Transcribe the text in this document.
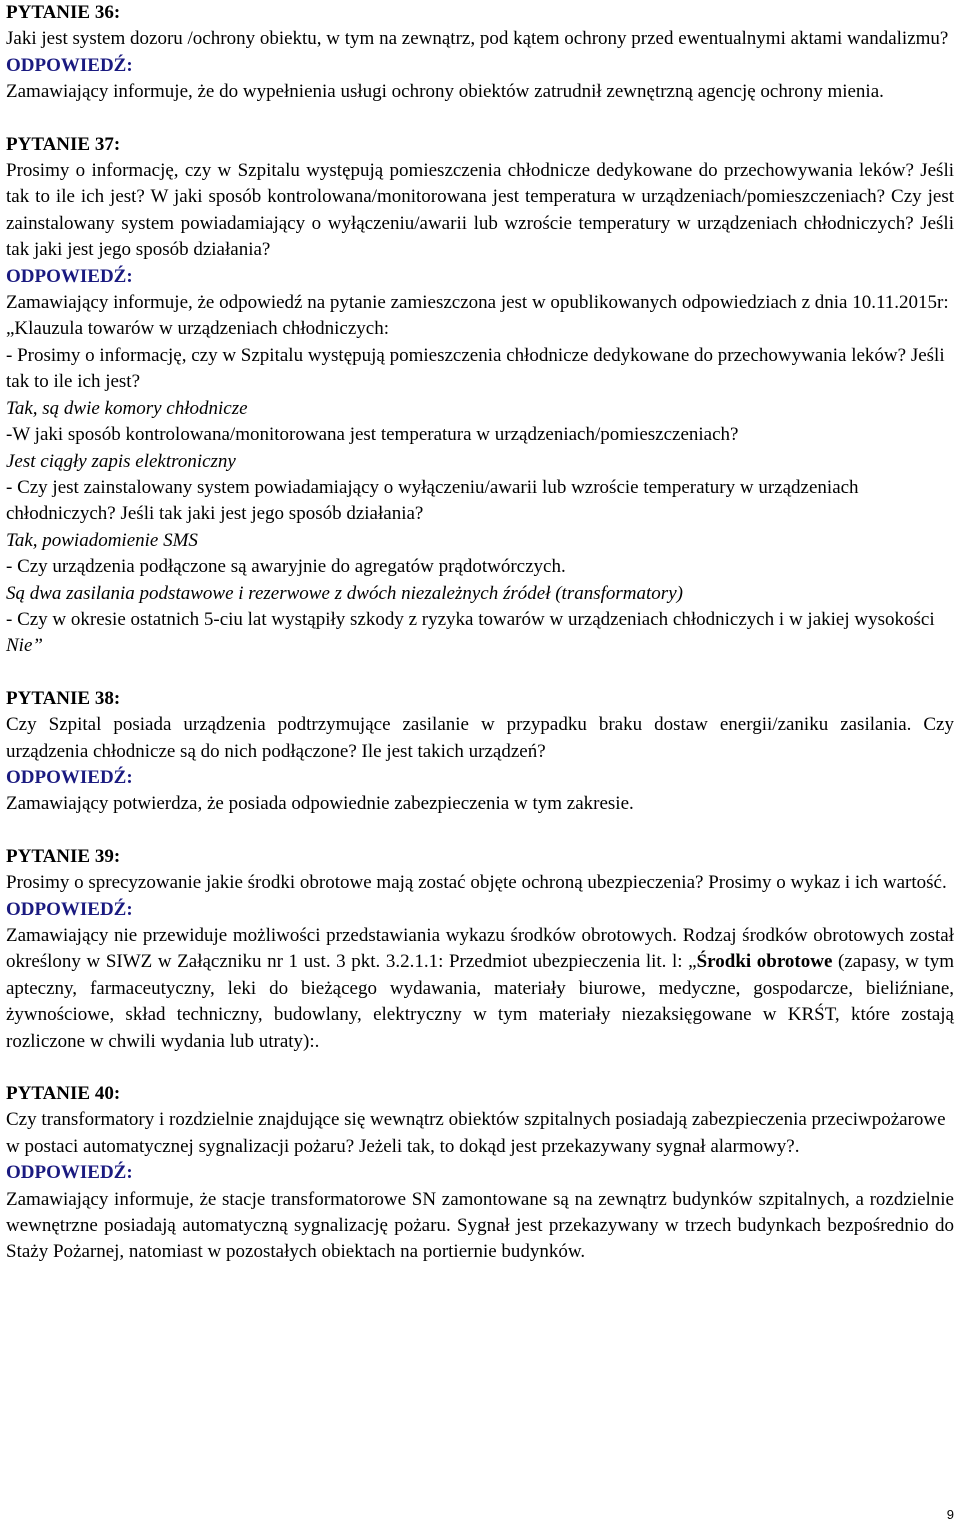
PYTANIE 36:

Jaki jest system dozoru /ochrony obiektu, w tym na zewnątrz, pod kątem ochrony przed ewentualnymi aktami wandalizmu?

ODPOWIEDŹ:

Zamawiający informuje, że do wypełnienia usługi ochrony obiektów zatrudnił zewnętrzną agencję ochrony mienia.

PYTANIE 37:

Prosimy o informację, czy w Szpitalu występują pomieszczenia chłodnicze dedykowane do przechowywania leków? Jeśli tak to ile ich jest? W jaki sposób kontrolowana/monitorowana jest temperatura w urządzeniach/pomieszczeniach? Czy jest zainstalowany system powiadamiający o wyłączeniu/awarii lub wzroście temperatury w urządzeniach chłodniczych? Jeśli tak jaki jest jego sposób działania?

ODPOWIEDŹ:

Zamawiający informuje, że odpowiedź na pytanie zamieszczona jest w opublikowanych odpowiedziach z dnia 10.11.2015r:

„Klauzula towarów w urządzeniach chłodniczych:

- Prosimy o informację, czy w Szpitalu występują pomieszczenia chłodnicze dedykowane do przechowywania leków? Jeśli tak to ile ich jest?

Tak, są dwie komory chłodnicze

-W jaki sposób kontrolowana/monitorowana jest temperatura w urządzeniach/pomieszczeniach?

Jest ciągły zapis elektroniczny

- Czy jest zainstalowany system powiadamiający o wyłączeniu/awarii lub wzroście temperatury w urządzeniach chłodniczych? Jeśli tak jaki jest jego sposób działania?

Tak, powiadomienie SMS

- Czy urządzenia podłączone są awaryjnie do agregatów prądotwórczych.

Są dwa zasilania podstawowe i rezerwowe z dwóch niezależnych źródeł (transformatory)

- Czy w okresie ostatnich 5-ciu lat wystąpiły szkody z ryzyka towarów w urządzeniach chłodniczych i w jakiej wysokości

Nie”

PYTANIE 38:

Czy Szpital posiada urządzenia podtrzymujące zasilanie w przypadku braku dostaw energii/zaniku zasilania. Czy urządzenia chłodnicze są do nich podłączone? Ile jest takich urządzeń?

ODPOWIEDŹ:

Zamawiający potwierdza, że posiada odpowiednie zabezpieczenia w tym zakresie.

PYTANIE 39:

Prosimy o sprecyzowanie jakie środki obrotowe mają zostać objęte ochroną ubezpieczenia? Prosimy o wykaz i ich wartość.

ODPOWIEDŹ:

Zamawiający nie przewiduje możliwości przedstawiania wykazu środków obrotowych. Rodzaj środków obrotowych został określony w SIWZ w Załączniku nr 1 ust. 3 pkt. 3.2.1.1: Przedmiot ubezpieczenia lit. l: „Środki obrotowe (zapasy, w tym apteczny, farmaceutyczny, leki do bieżącego wydawania, materiały biurowe, medyczne, gospodarcze, bieliźniane, żywnościowe, skład techniczny, budowlany, elektryczny w tym materiały niezaksięgowane w KRŚT, które zostają rozliczone w chwili wydania lub utraty):.

PYTANIE 40:

Czy transformatory i rozdzielnie znajdujące się wewnątrz obiektów szpitalnych posiadają zabezpieczenia przeciwpożarowe w postaci automatycznej sygnalizacji pożaru? Jeżeli tak, to dokąd jest przekazywany sygnał alarmowy?.

ODPOWIEDŹ:

Zamawiający informuje, że stacje transformatorowe SN zamontowane są na zewnątrz budynków szpitalnych, a rozdzielnie wewnętrzne posiadają automatyczną sygnalizację pożaru. Sygnał jest przekazywany w trzech budynkach bezpośrednio do Staży Pożarnej, natomiast w pozostałych obiektach na portiernie budynków.

9
